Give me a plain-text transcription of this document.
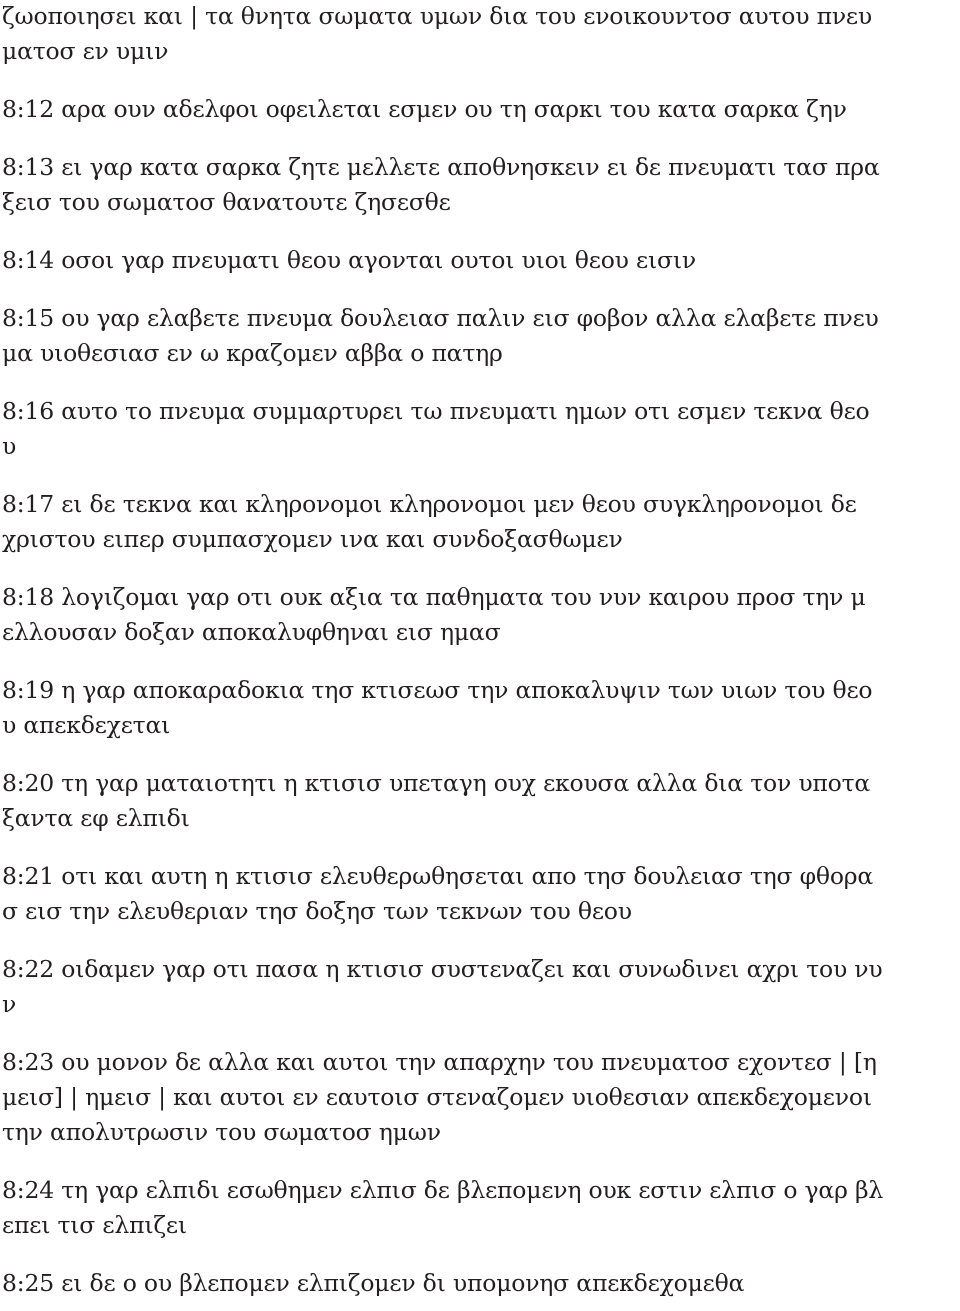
ζωοποιησει και | τα θνητα σωματα υμων δια του ενοικουντοσ αυτου πνευ
ματοσ εν υμιν
8:12 αρα ουν αδελφοι οφειλεται εσμεν ου τη σαρκι του κατα σαρκα ζην
8:13 ει γαρ κατα σαρκα ζητε μελλετε αποθνησκειν ει δε πνευματι τασ πρα
ξεισ του σωματοσ θανατουτε ζησεσθε
8:14 οσοι γαρ πνευματι θεου αγονται ουτοι υιοι θεου εισιν
8:15 ου γαρ ελαβετε πνευμα δουλειασ παλιν εισ φοβον αλλα ελαβετε πνευ
μα υιοθεσιασ εν ω κραζομεν αββα ο πατηρ
8:16 αυτο το πνευμα συμμαρτυρει τω πνευματι ημων οτι εσμεν τεκνα θεο
υ
8:17 ει δε τεκνα και κληρονομοι κληρονομοι μεν θεου συγκληρονομοι δε
χριστου ειπερ συμπασχομεν ινα και συνδοξασθωμεν
8:18 λογιζομαι γαρ οτι ουκ αξια τα παθηματα του νυν καιρου προσ την μ
ελλουσαν δοξαν αποκαλυφθηναι εισ ημασ
8:19 η γαρ αποκαραδοκια τησ κτισεωσ την αποκαλυψιν των υιων του θεο
υ απεκδεχεται
8:20 τη γαρ ματαιοτητι η κτισισ υπεταγη ουχ εκουσα αλλα δια τον υποτα
ξαντα εφ ελπιδι
8:21 οτι και αυτη η κτισισ ελευθερωθησεται απο τησ δουλειασ τησ φθορα
σ εισ την ελευθεριαν τησ δοξησ των τεκνων του θεου
8:22 οιδαμεν γαρ οτι πασα η κτισισ συστεναζει και συνωδινει αχρι του νυ
ν
8:23 ου μονον δε αλλα και αυτοι την απαρχην του πνευματοσ εχοντεσ | [η
μεισ] | ημεισ | και αυτοι εν εαυτοισ στεναζομεν υιοθεσιαν απεκδεχομενοι
την απολυτρωσιν του σωματοσ ημων
8:24 τη γαρ ελπιδι εσωθημεν ελπισ δε βλεπομενη ουκ εστιν ελπισ ο γαρ βλ
επει τισ ελπιζει
8:25 ει δε ο ου βλεπομεν ελπιζομεν δι υπομονησ απεκδεχομεθα
